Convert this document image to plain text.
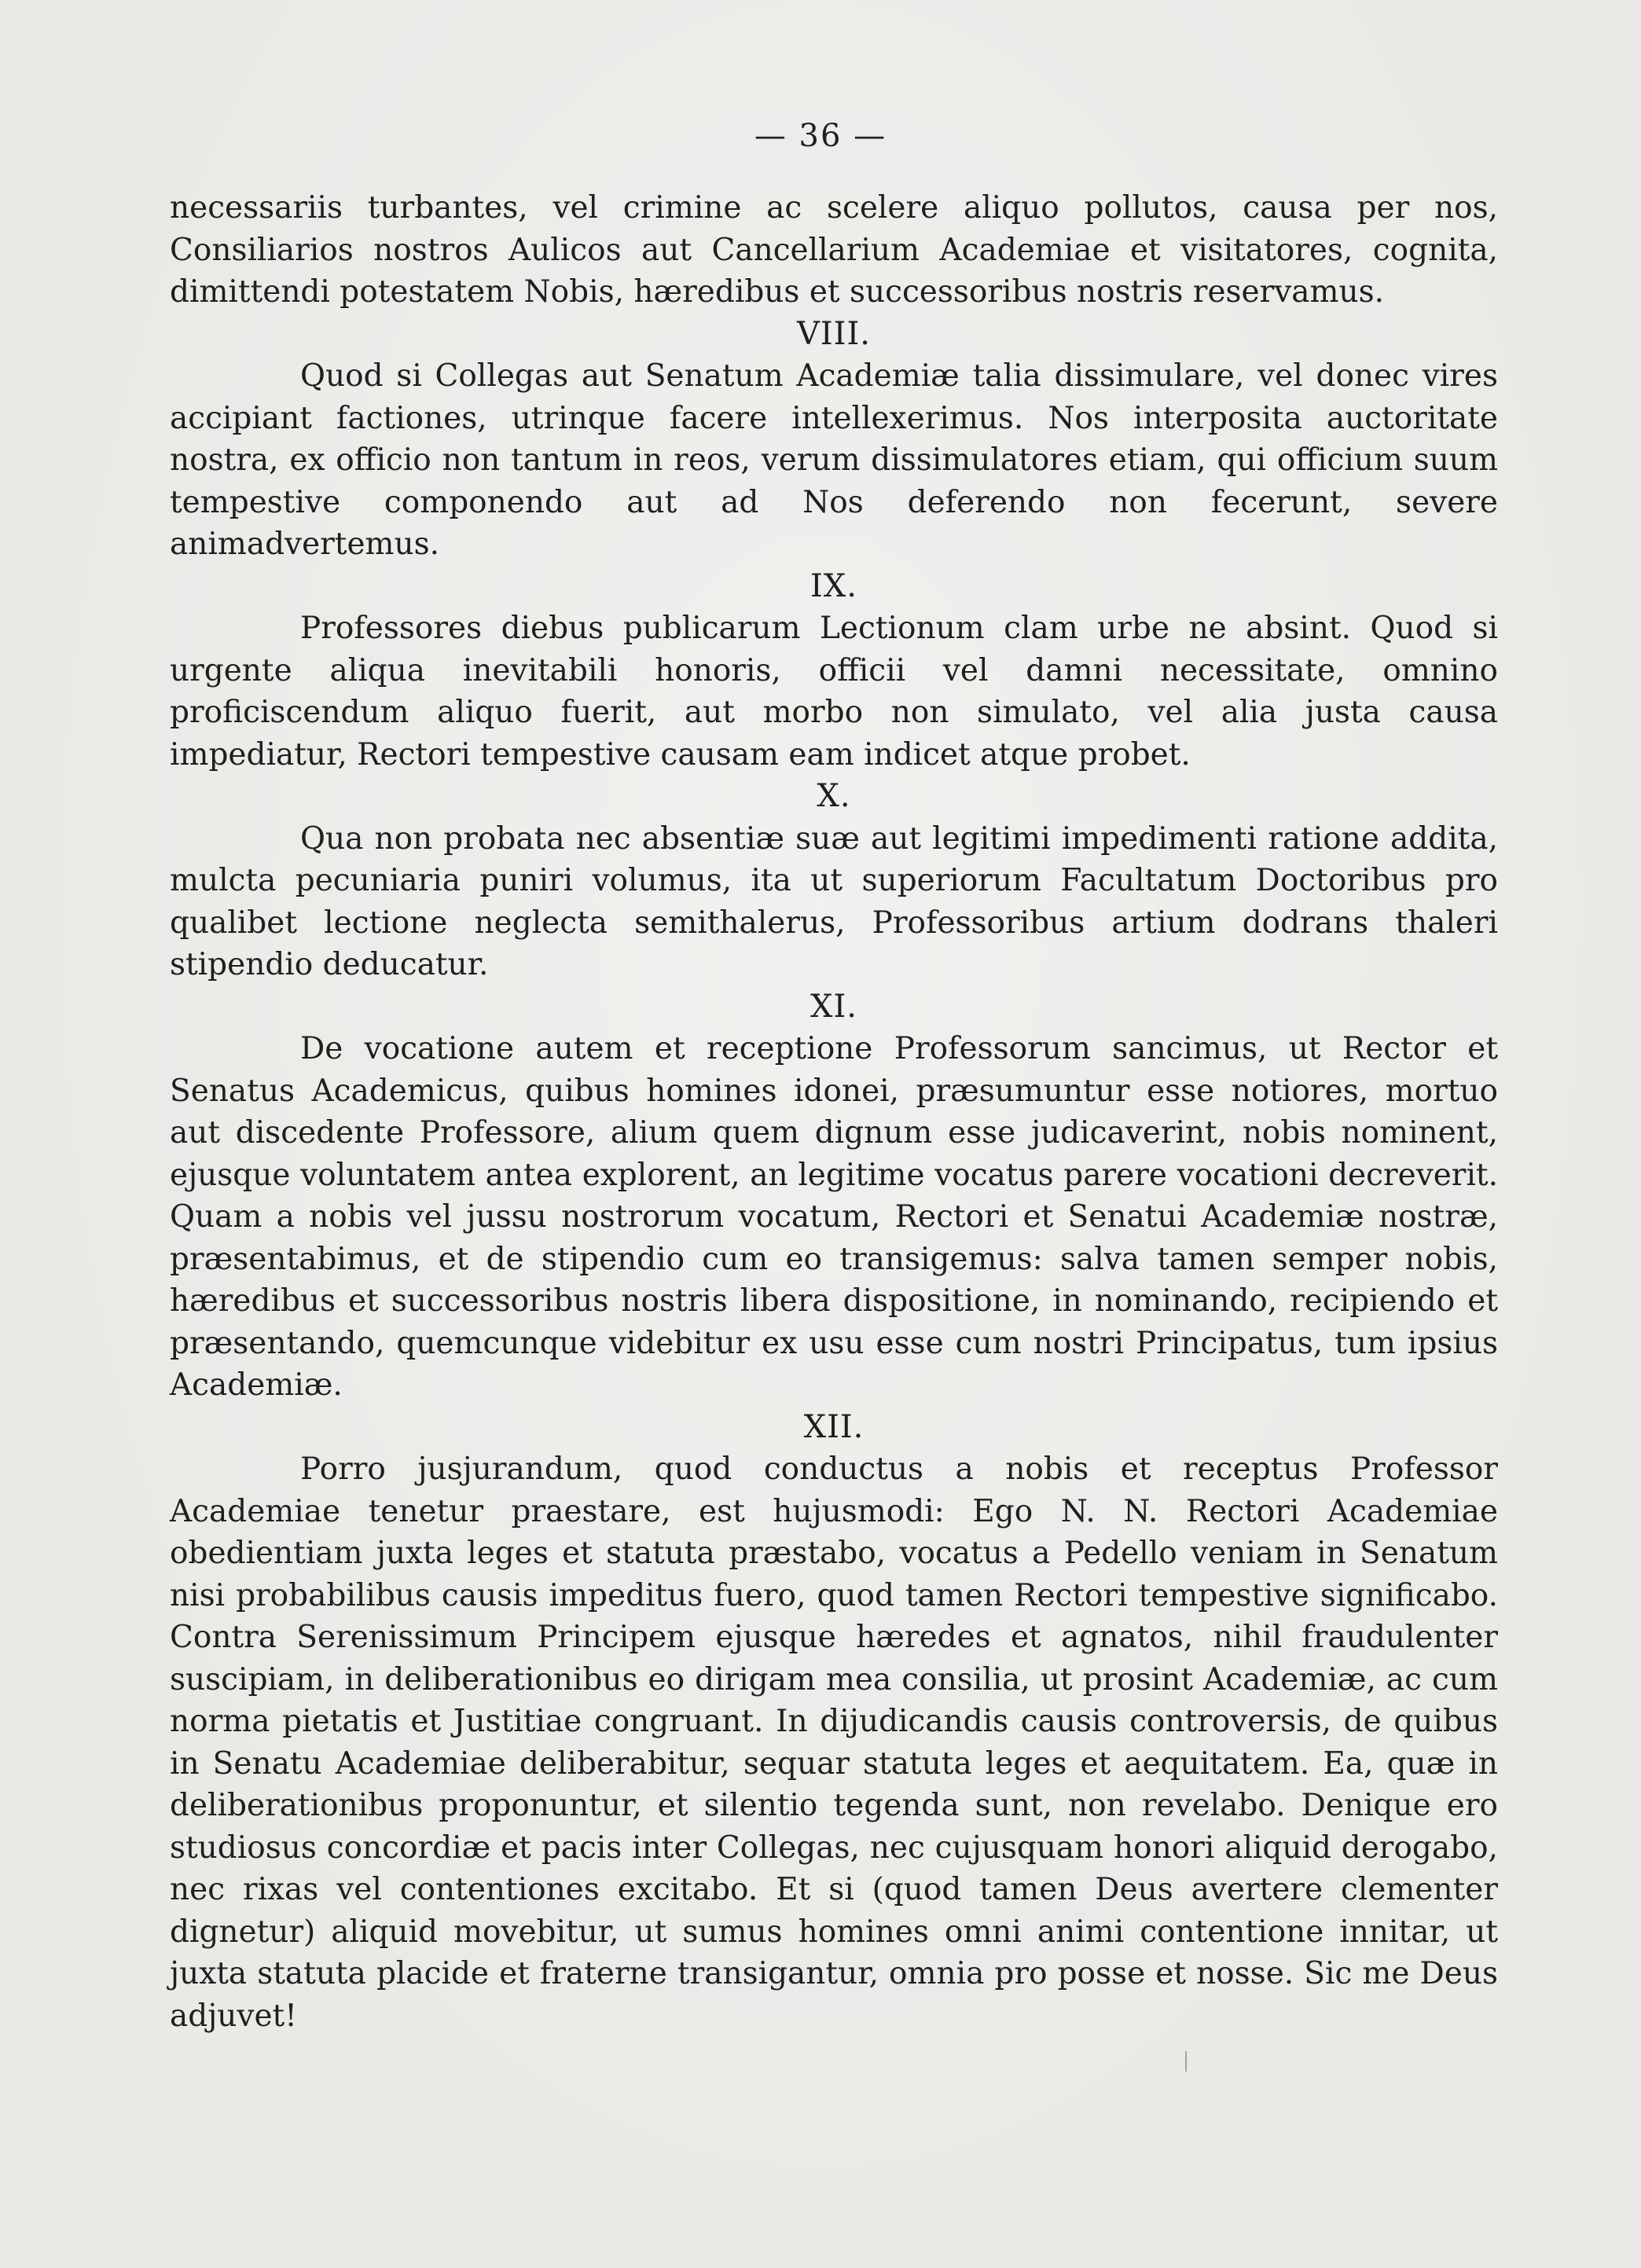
— 36 —

necessariis turbantes, vel crimine ac scelere aliquo pollutos, causa per nos, Consiliarios nostros Aulicos aut Cancellarium Academiae et visitatores, cognita, dimittendi potestatem Nobis, hæredibus et successoribus nostris reservamus.

VIII.

Quod si Collegas aut Senatum Academiæ talia dissimulare, vel donec vires accipiant factiones, utrinque facere intellexerimus. Nos interposita auctoritate nostra, ex officio non tantum in reos, verum dissimulatores etiam, qui officium suum tempestive componendo aut ad Nos deferendo non fecerunt, severe animadvertemus.

IX.

Professores diebus publicarum Lectionum clam urbe ne absint. Quod si urgente aliqua inevitabili honoris, officii vel damni necessitate, omnino proficiscendum aliquo fuerit, aut morbo non simulato, vel alia justa causa impediatur, Rectori tempestive causam eam indicet atque probet.

X.

Qua non probata nec absentiæ suæ aut legitimi impedimenti ratione addita, mulcta pecuniaria puniri volumus, ita ut superiorum Facultatum Doctoribus pro qualibet lectione neglecta semithalerus, Professoribus artium dodrans thaleri stipendio deducatur.

XI.

De vocatione autem et receptione Professorum sancimus, ut Rector et Senatus Academicus, quibus homines idonei, præsumuntur esse notiores, mortuo aut discedente Professore, alium quem dignum esse judicaverint, nobis nominent, ejusque voluntatem antea explorent, an legitime vocatus parere vocationi decreverit. Quam a nobis vel jussu nostrorum vocatum, Rectori et Senatui Academiæ nostræ, præsentabimus, et de stipendio cum eo transigemus: salva tamen semper nobis, hæredibus et successoribus nostris libera dispositione, in nominando, recipiendo et præsentando, quemcunque videbitur ex usu esse cum nostri Principatus, tum ipsius Academiæ.

XII.

Porro jusjurandum, quod conductus a nobis et receptus Professor Academiae tenetur praestare, est hujusmodi: Ego N. N. Rectori Academiae obedientiam juxta leges et statuta præstabo, vocatus a Pedello veniam in Senatum nisi probabilibus causis impeditus fuero, quod tamen Rectori tempestive significabo. Contra Serenissimum Principem ejusque hæredes et agnatos, nihil fraudulenter suscipiam, in deliberationibus eo dirigam mea consilia, ut prosint Academiæ, ac cum norma pietatis et Justitiae congruant. In dijudicandis causis controversis, de quibus in Senatu Academiae deliberabitur, sequar statuta leges et aequitatem. Ea, quæ in deliberationibus proponuntur, et silentio tegenda sunt, non revelabo. Denique ero studiosus concordiæ et pacis inter Collegas, nec cujusquam honori aliquid derogabo, nec rixas vel contentiones excitabo. Et si (quod tamen Deus avertere clementer dignetur) aliquid movebitur, ut sumus homines omni animi contentione innitar, ut juxta statuta placide et fraterne transigantur, omnia pro posse et nosse. Sic me Deus adjuvet!
